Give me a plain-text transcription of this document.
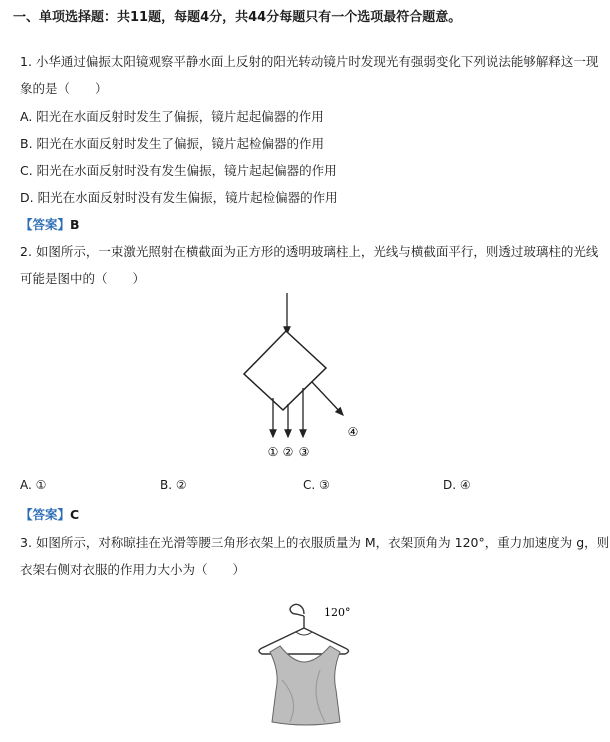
一、单项选择题：共11题，每题4分，共44分每题只有一个选项最符合题意。
1. 小华通过偏振太阳镜观察平静水面上反射的阳光转动镜片时发现光有强弱变化下列说法能够解释这一现
象的是（　　）
A. 阳光在水面反射时发生了偏振，镜片起起偏器的作用
B. 阳光在水面反射时发生了偏振，镜片起检偏器的作用
C. 阳光在水面反射时没有发生偏振，镜片起起偏器的作用
D. 阳光在水面反射时没有发生偏振，镜片起检偏器的作用
【答案】B
2. 如图所示，一束激光照射在横截面为正方形的透明玻璃柱上，光线与横截面平行，则透过玻璃柱的光线
可能是图中的（　　）
① ② ③
④
120°
A. ①	B. ②	C. ③	D. ④
【答案】C
3. 如图所示，对称晾挂在光滑等腰三角形衣架上的衣服质量为 M，衣架顶角为 120°，重力加速度为 g，则
衣架右侧对衣服的作用力大小为（　　）
